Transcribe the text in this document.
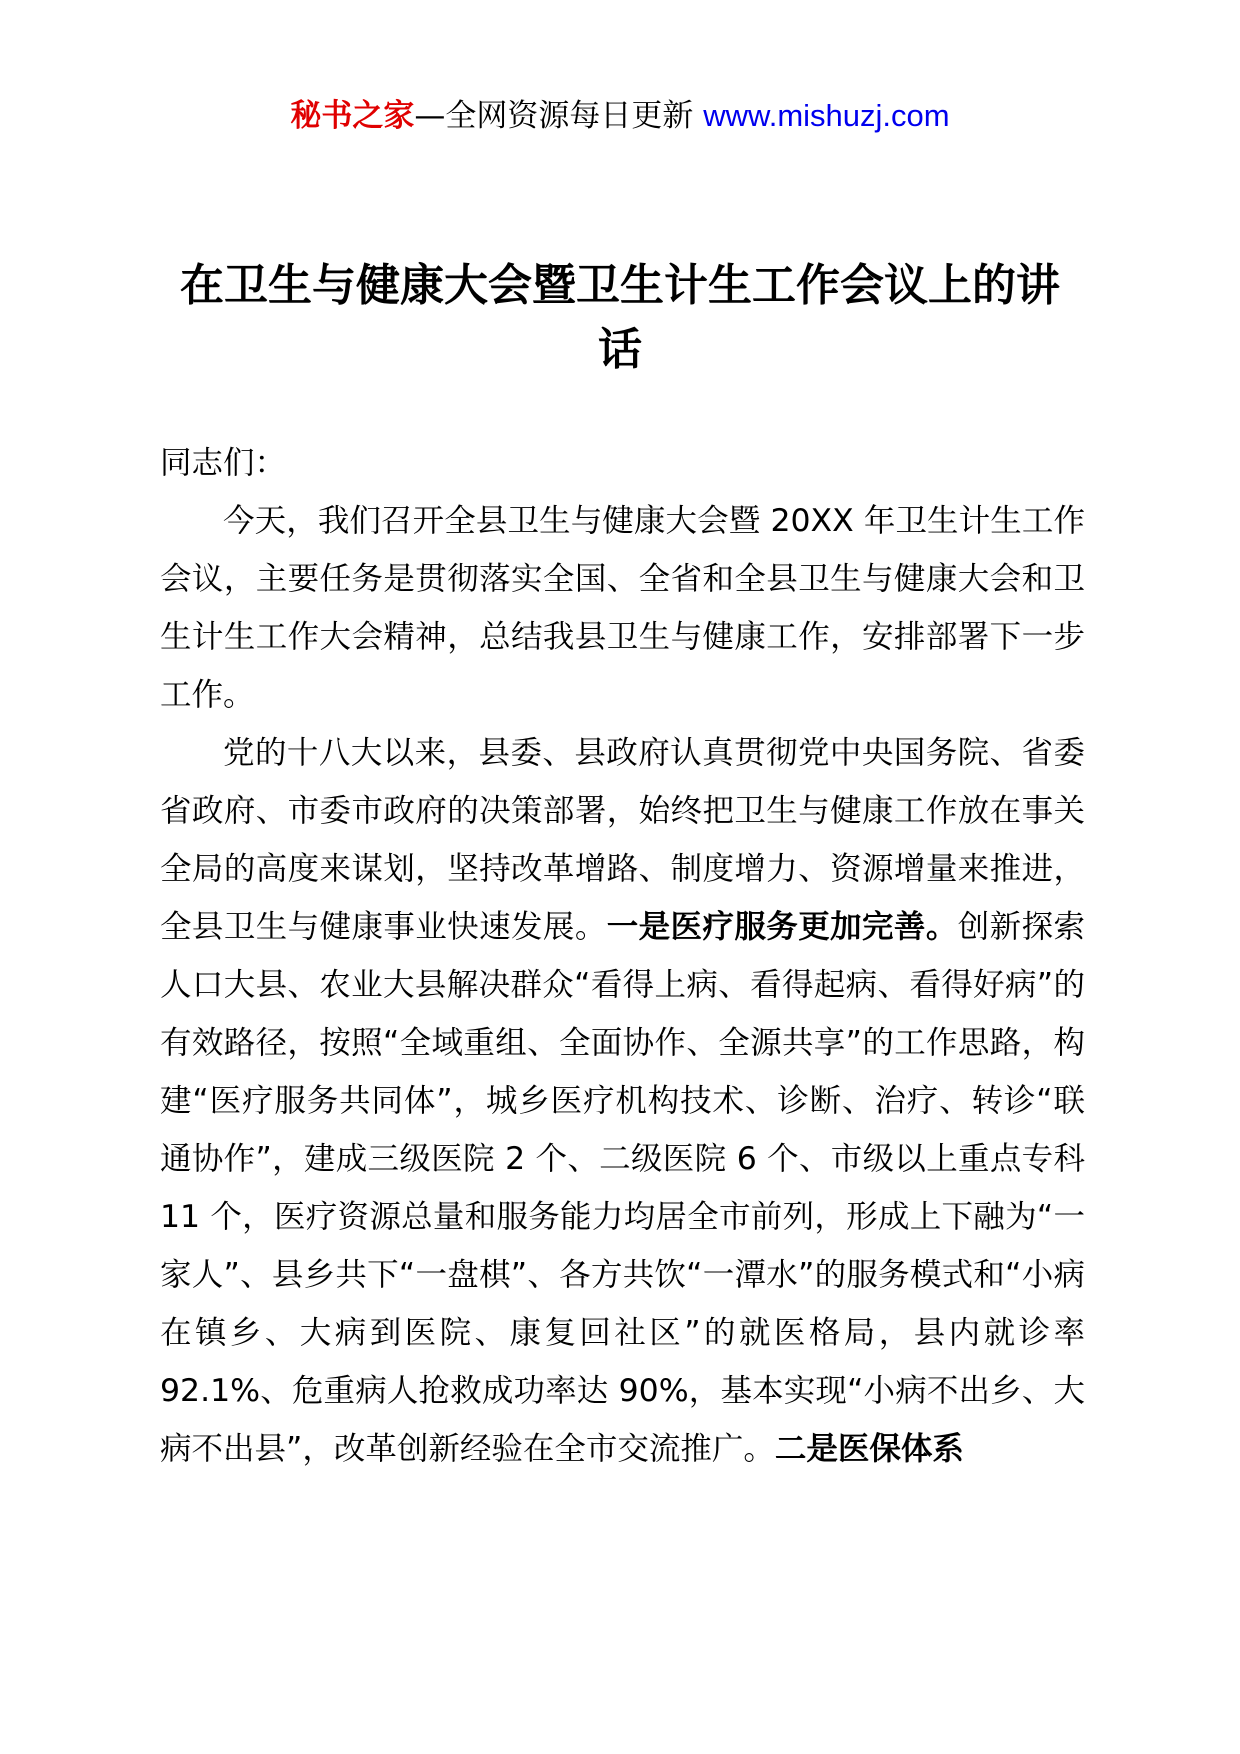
秘书之家—全网资源每日更新 www.mishuzj.com
在卫生与健康大会暨卫生计生工作会议上的讲话

同志们：

今天，我们召开全县卫生与健康大会暨 20XX 年卫生计生工作会议，主要任务是贯彻落实全国、全省和全县卫生与健康大会和卫生计生工作大会精神，总结我县卫生与健康工作，安排部署下一步工作。

党的十八大以来，县委、县政府认真贯彻党中央国务院、省委省政府、市委市政府的决策部署，始终把卫生与健康工作放在事关全局的高度来谋划，坚持改革增路、制度增力、资源增量来推进，全县卫生与健康事业快速发展。一是医疗服务更加完善。创新探索人口大县、农业大县解决群众“看得上病、看得起病、看得好病”的有效路径，按照“全域重组、全面协作、全源共享”的工作思路，构建“医疗服务共同体”，城乡医疗机构技术、诊断、治疗、转诊“联通协作”，建成三级医院 2 个、二级医院 6 个、市级以上重点专科 11 个，医疗资源总量和服务能力均居全市前列，形成上下融为“一家人”、县乡共下“一盘棋”、各方共饮“一潭水”的服务模式和“小病在镇乡、大病到医院、康复回社区”的就医格局，县内就诊率 92.1%、危重病人抢救成功率达 90%，基本实现“小病不出乡、大病不出县”，改革创新经验在全市交流推广。二是医保体系
